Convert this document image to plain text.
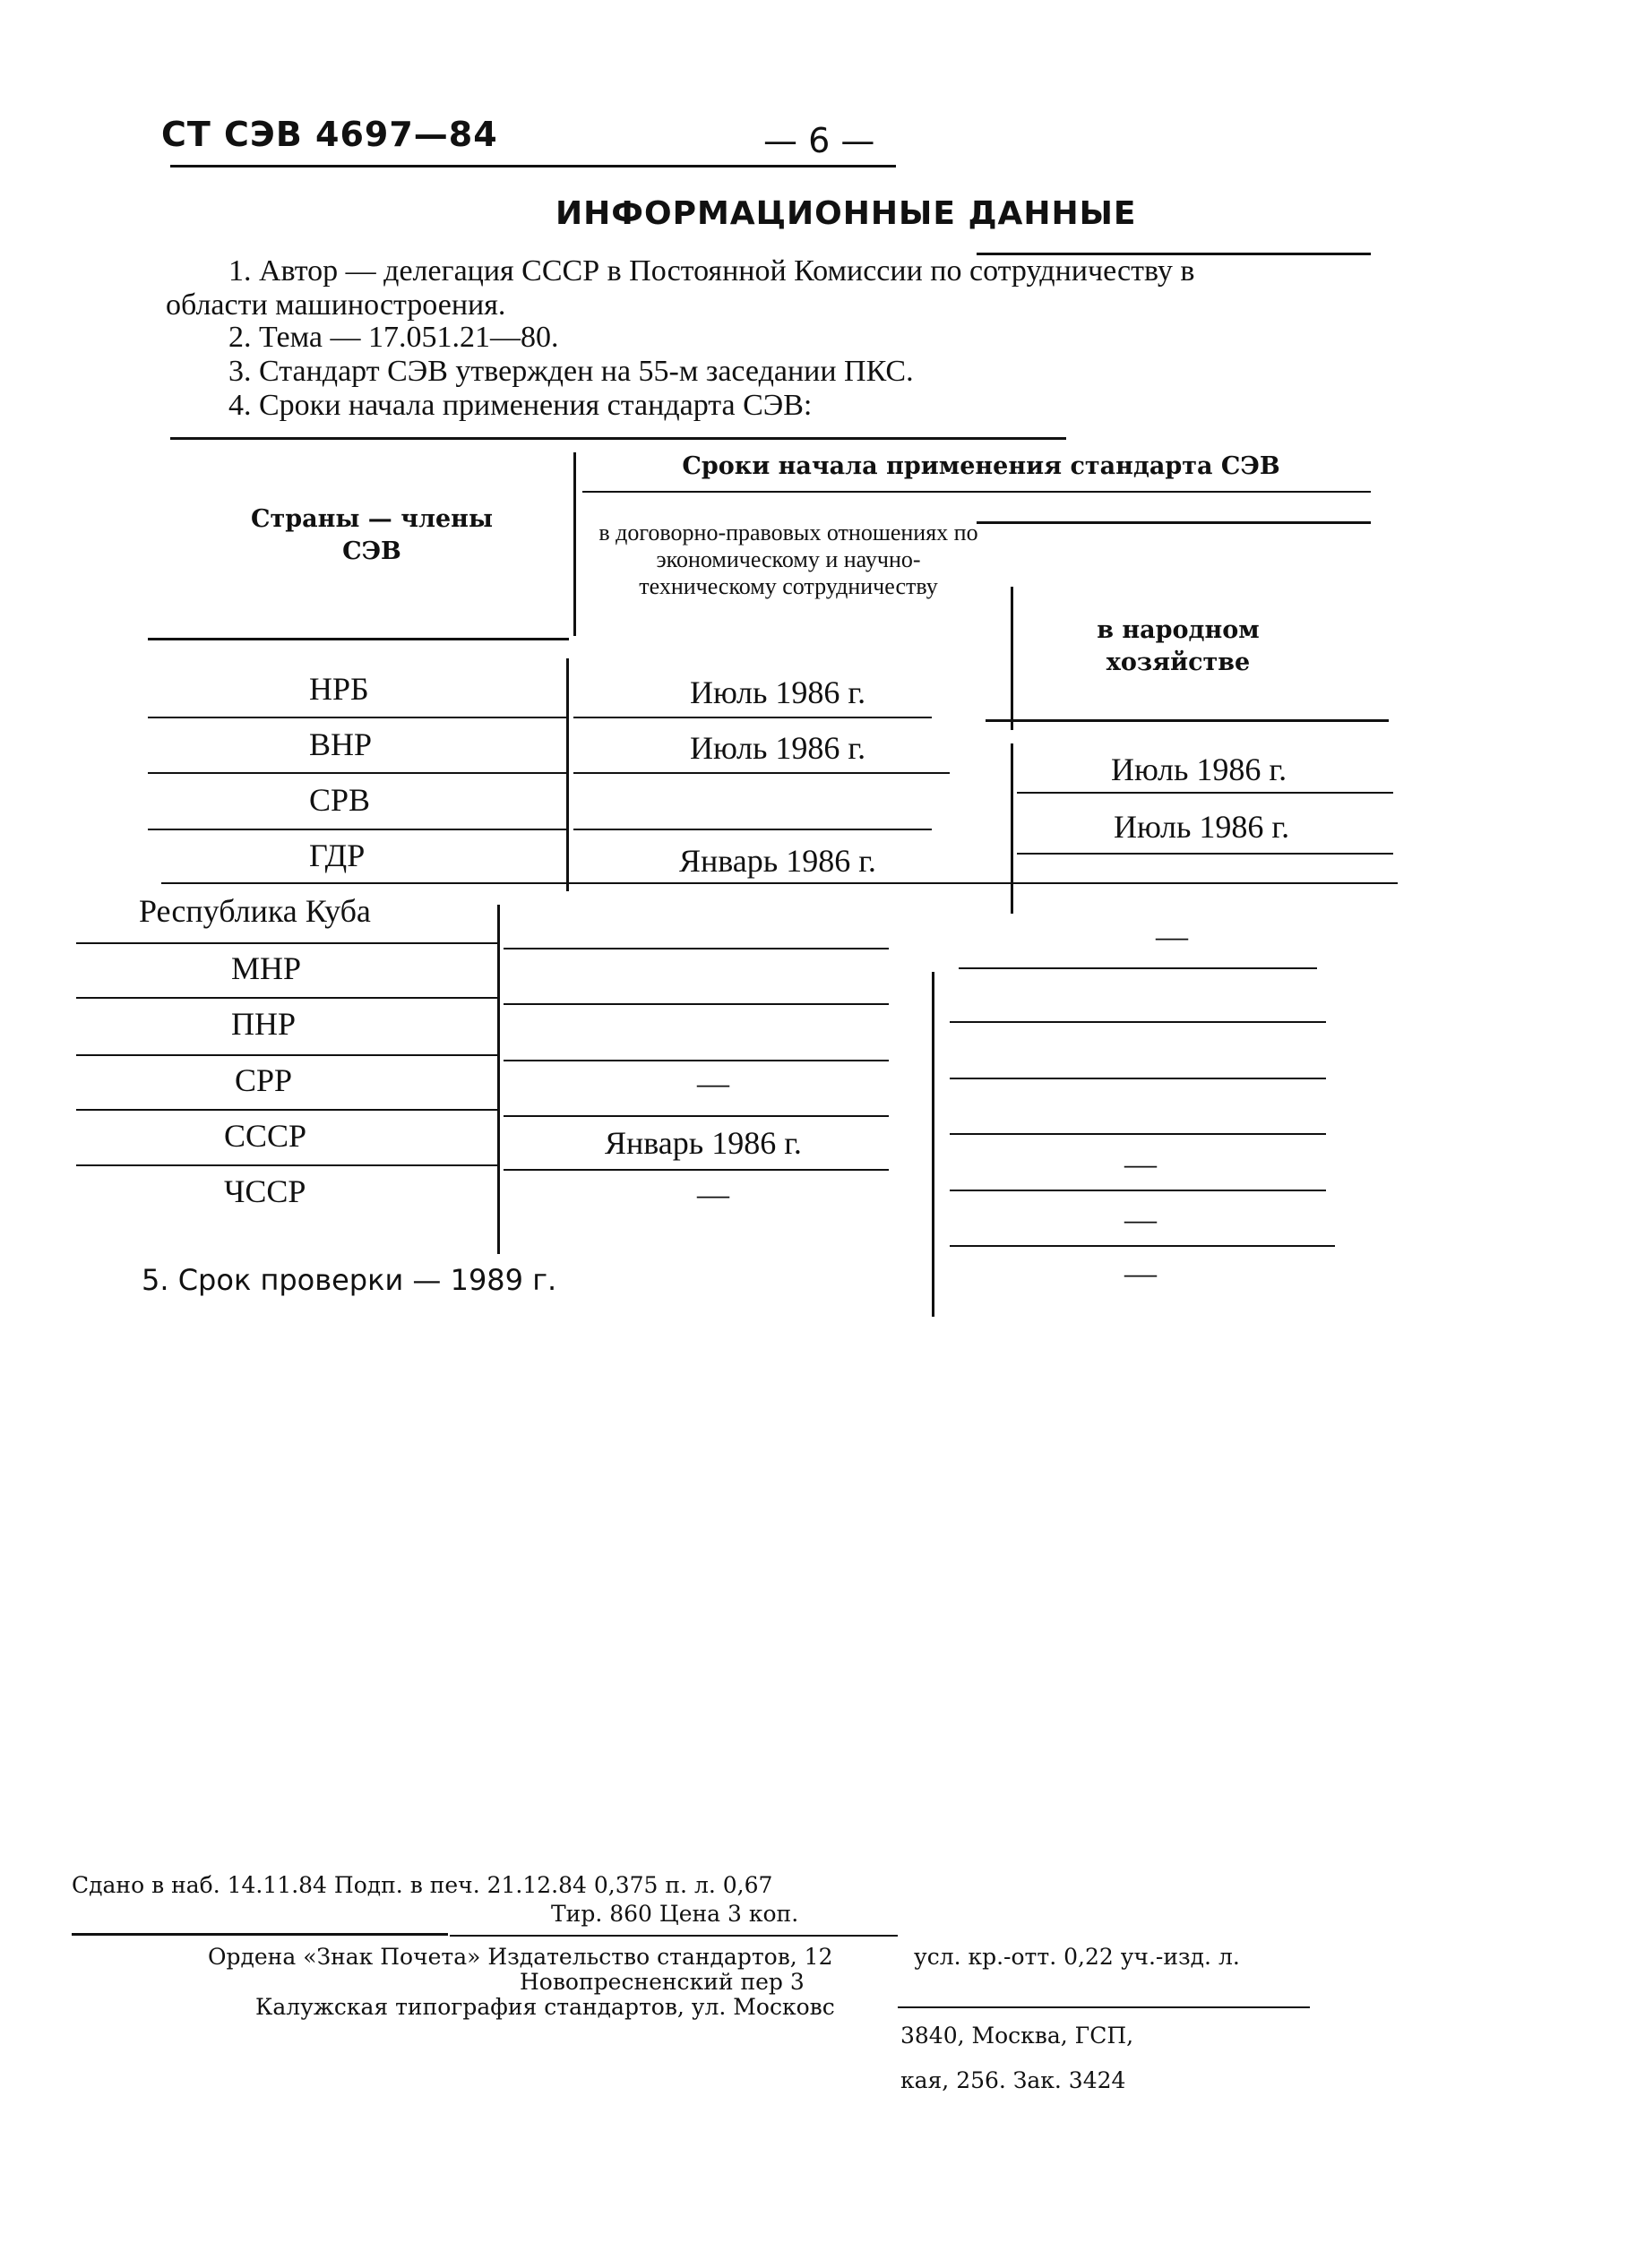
СТ СЭВ 4697—84	— 6 —
ИНФОРМАЦИОННЫЕ ДАННЫЕ
1. Автор — делегация СССР в Постоянной Комиссии по сотрудничеству в
области машиностроения.
2. Тема — 17.051.21—80.
3. Стандарт СЭВ утвержден на 55-м заседании ПКС.
4. Сроки начала применения стандарта СЭВ:
Страны — члены СЭВ
Сроки начала применения стандарта СЭВ
в договорно-правовых отношениях по экономическому и научно-техническому сотрудничеству
в народном хозяйстве
НРБ
ВНР
СРВ
ГДР
Республика Куба
МНР
ПНР
СРР
СССР
ЧССР
Июль 1986 г.
Июль 1986 г.
Январь 1986 г.
—
Январь 1986 г.
—
Июль 1986 г.
Июль 1986 г.
—
—
—
—
5. Срок проверки — 1989 г.
Сдано в наб. 14.11.84 Подп. в печ. 21.12.84 0,375 п. л. 0,67
Тир. 860 Цена 3 коп.
Ордена «Знак Почета» Издательство стандартов, 12	усл. кр.-отт. 0,22 уч.-изд. л.
Новопресненский пер 3
Калужская типография стандартов, ул. Московс
3840, Москва, ГСП,
кая, 256. Зак. 3424
